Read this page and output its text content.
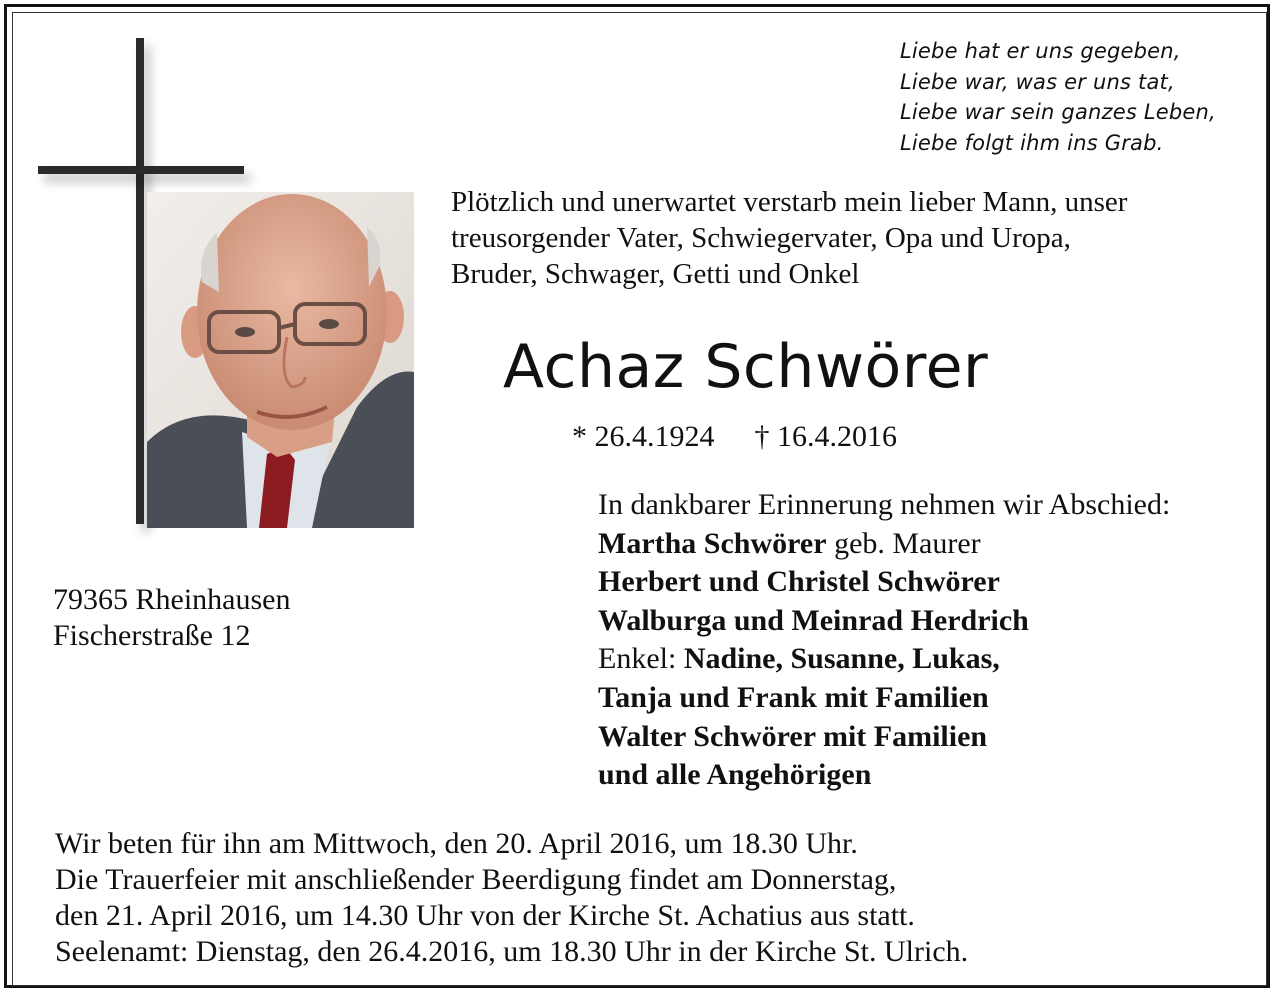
Liebe hat er uns gegeben,
Liebe war, was er uns tat,
Liebe war sein ganzes Leben,
Liebe folgt ihm ins Grab.
Plötzlich und unerwartet verstarb mein lieber Mann, unser
treusorgender Vater, Schwiegervater, Opa und Uropa,
Bruder, Schwager, Getti und Onkel
Achaz Schwörer
* 26.4.1924 † 16.4.2016
79365 Rheinhausen
Fischerstraße 12
In dankbarer Erinnerung nehmen wir Abschied:
Martha Schwörer geb. Maurer
Herbert und Christel Schwörer
Walburga und Meinrad Herdrich
Enkel: Nadine, Susanne, Lukas,
Tanja und Frank mit Familien
Walter Schwörer mit Familien
und alle Angehörigen
Wir beten für ihn am Mittwoch, den 20. April 2016, um 18.30 Uhr.
Die Trauerfeier mit anschließender Beerdigung findet am Donnerstag,
den 21. April 2016, um 14.30 Uhr von der Kirche St. Achatius aus statt.
Seelenamt: Dienstag, den 26.4.2016, um 18.30 Uhr in der Kirche St. Ulrich.
